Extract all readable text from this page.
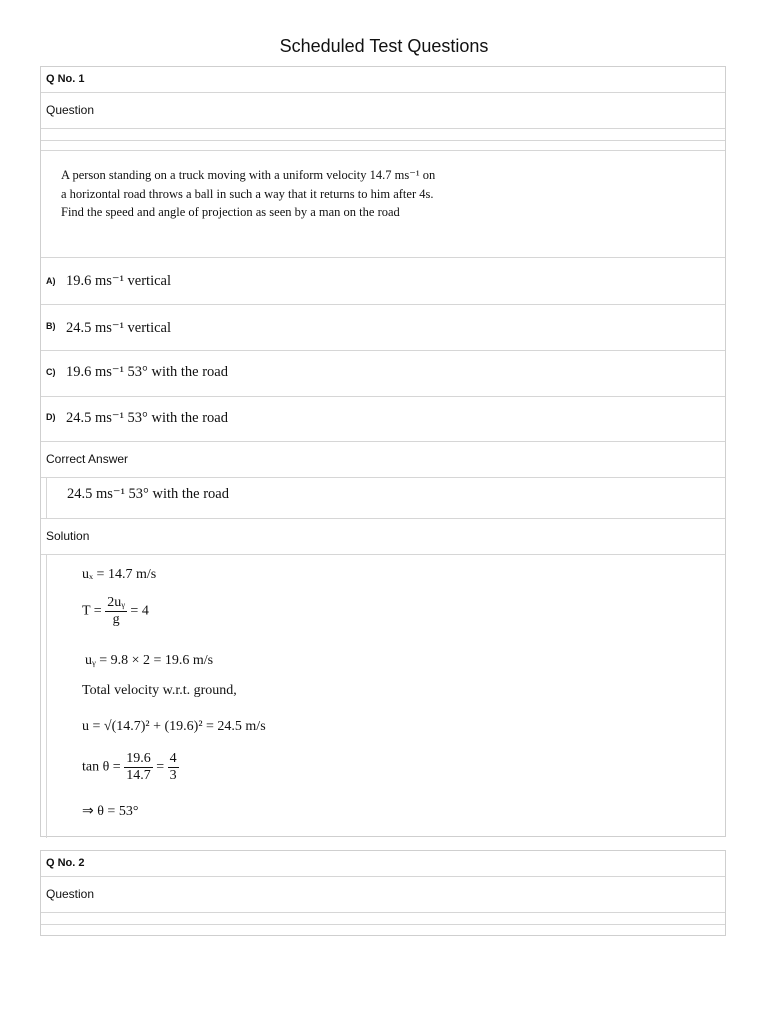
Scheduled Test Questions
Q No. 1
Question
A person standing on a truck moving with a uniform velocity 14.7 ms⁻¹ on a horizontal road throws a ball in such a way that it returns to him after 4s. Find the speed and angle of projection as seen by a man on the road
A) 19.6 ms⁻¹ vertical
B) 24.5 ms⁻¹ vertical
C) 19.6 ms⁻¹ 53° with the road
D) 24.5 ms⁻¹ 53° with the road
Correct Answer
24.5 ms⁻¹ 53° with the road
Solution
uₓ = 14.7 m/s
$T = \frac{\text{2uᵧ}}{g} = 4$
uᵧ = 9.8 × 2 = 19.6 m/s
Total velocity w.r.t. ground,
u = √(14.7)² + (19.6)² = 24.5 m/s
$\tan \theta = \frac{19.6}{14.7} = \frac{4}{3}$
⇒ θ = 53°
Q No. 2
Question
